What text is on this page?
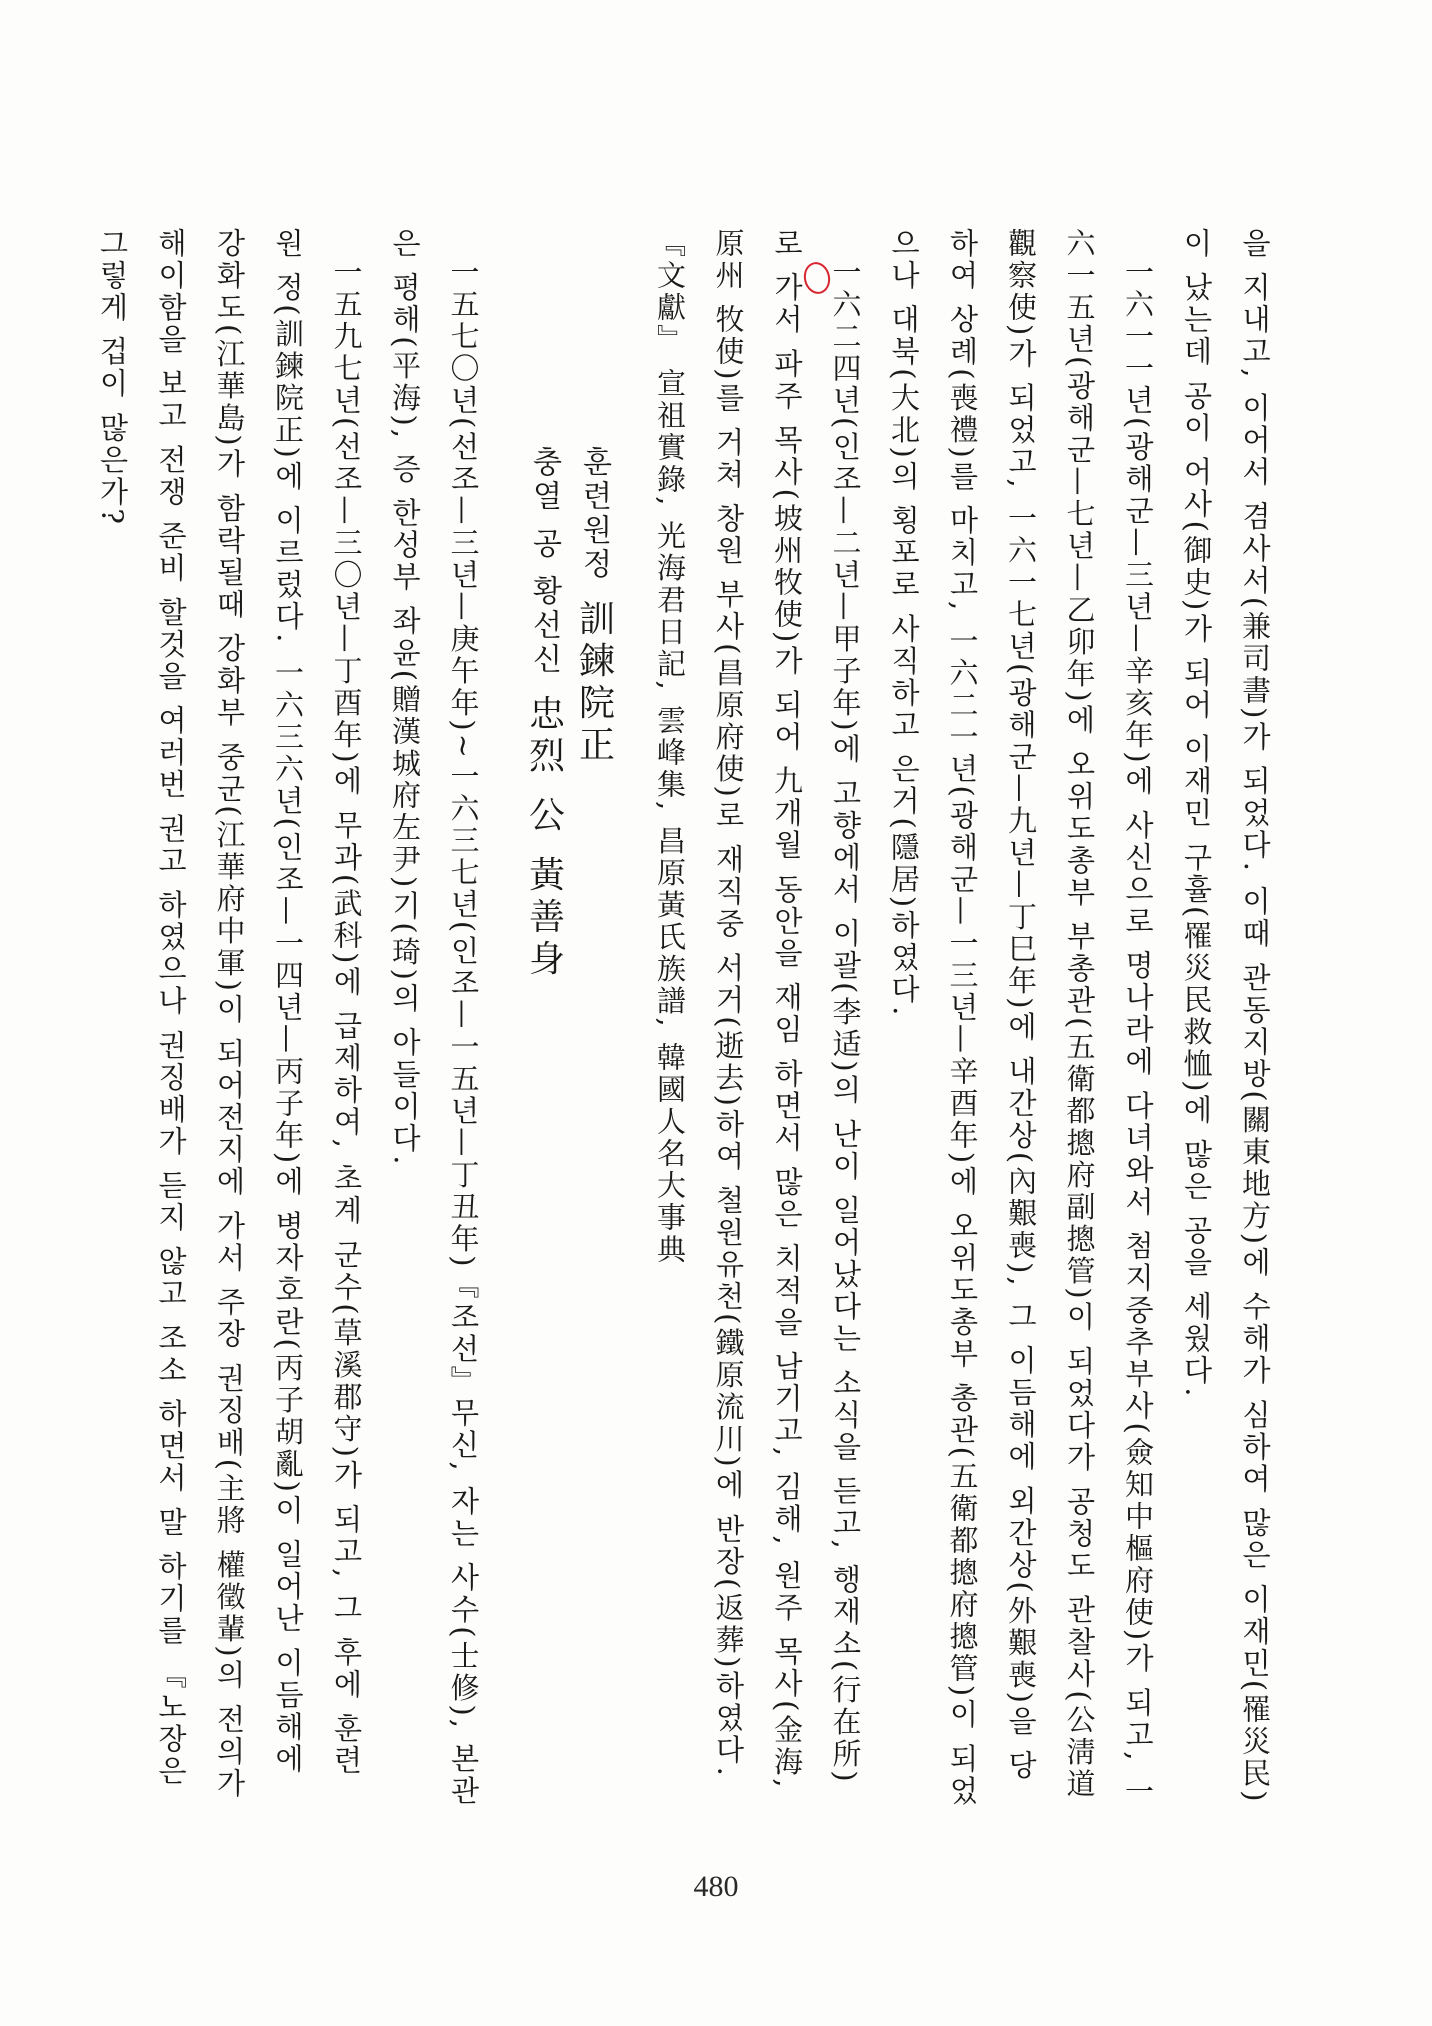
을 지내고, 이어서 겸사서(兼司書)가 되었다. 이때 관동지방(關東地方)에 수해가 심하여 많은 이재민(罹災民)이 났는데 공이 어사(御史)가 되어 이재민 구휼(罹災民救恤)에 많은 공을 세웠다.

一六一一년(광해군—三년—辛亥年)에 사신으로 명나라에 다녀와서 첨지중추부사(僉知中樞府使)가 되고, 一六一五년(광해군—七년—乙卯年)에 오위도총부 부총관(五衛都摠府副摠管)이 되었다가 공청도 관찰사(公淸道觀察使)가 되었고, 一六一七년(광해군—九년—丁巳年)에 내간상(內艱喪), 그 이듬해에 외간상(外艱喪)을 당하여 상례(喪禮)를 마치고, 一六二一년(광해군—一三년—辛酉年)에 오위도총부 총관(五衛都摠府摠管)이 되었으나 대북(大北)의 횡포로 사직하고 은거(隱居)하였다.

一六二四년(인조—二년—甲子年)에 고향에서 이괄(李适)의 난이 일어났다는 소식을 듣고, 행재소(行在所)로 가서 파주 목사(坡州牧使)가 되어 九개월 동안을 재임 하면서 많은 치적을 남기고, 김해, 원주 목사(金海, 原州 牧使)를 거쳐 창원 부사(昌原府使)로 재직중 서거(逝去)하여 철원유천(鐵原流川)에 반장(返葬)하였다.

『文獻』 宣祖實錄, 光海君日記, 雲峰集, 昌原黃氏族譜, 韓國人名大事典

훈련원정 訓鍊院正
충열 공 황선신 忠烈 公 黃善身

一五七〇년(선조—三년—庚午年)~一六三七년(인조—一五년—丁丑年)『조선』무신, 자는 사수(士修), 본관은 평해(平海), 증 한성부 좌윤(贈漢城府左尹)기(琦)의 아들이다.

一五九七년(선조—三〇년—丁酉年)에 무과(武科)에 급제하여, 초계 군수(草溪郡守)가 되고, 그 후에 훈련원 정(訓鍊院正)에 이르렀다. 一六三六년(인조—一四년—丙子年)에 병자호란(丙子胡亂)이 일어난 이듬해에 강화도(江華島)가 함락될때 강화부 중군(江華府中軍)이 되어전지에 가서 주장 권징배(主將 權徵輩)의 전의가 해이함을 보고 전쟁 준비 할것을 여러번 권고 하였으나 권징배가 듣지 않고 조소 하면서 말 하기를 『노장은 그렇게 겁이 많은가?

480
